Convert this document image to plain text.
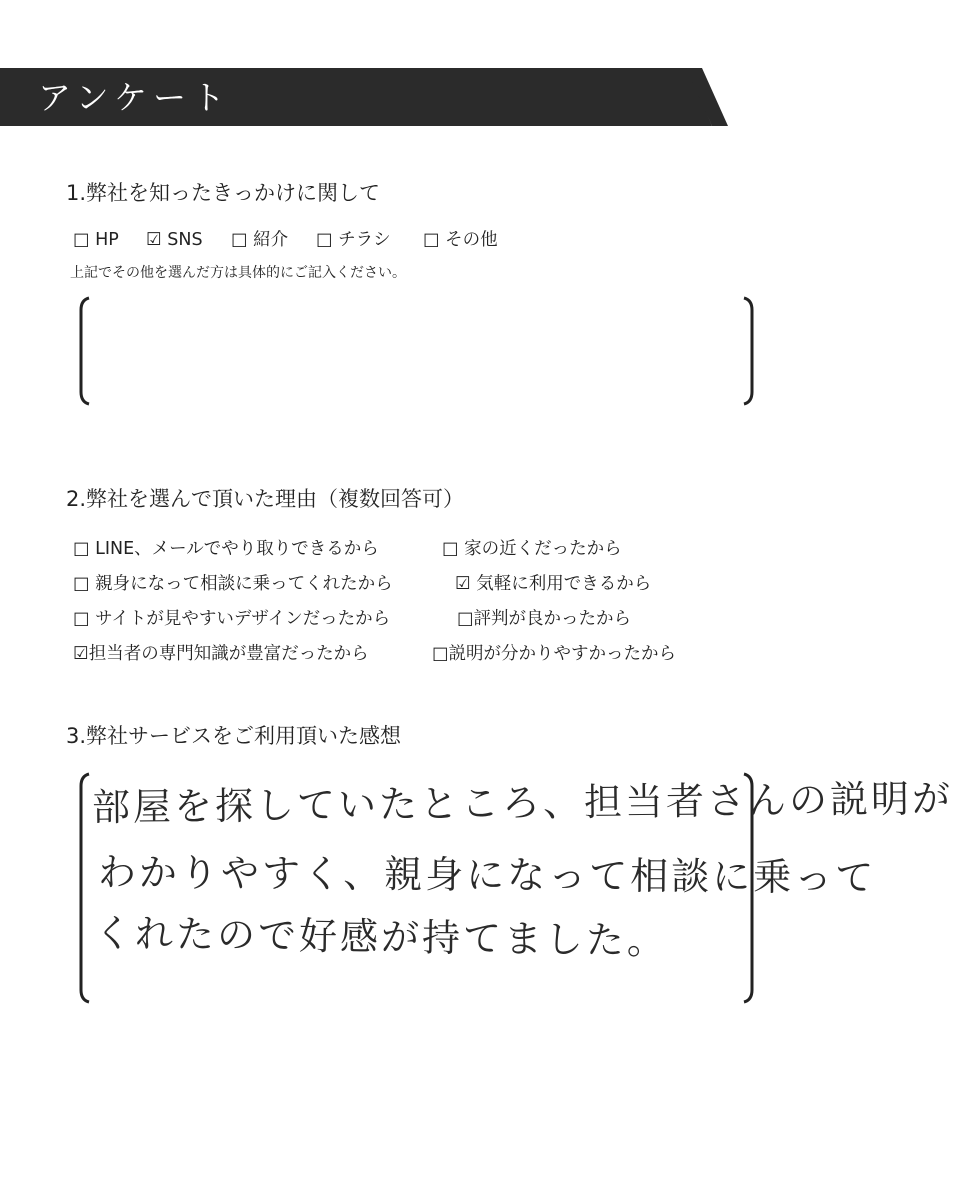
アンケート
1.弊社を知ったきっかけに関して
□ HP ☑ SNS □ 紹介 □ チラシ □ その他
上記でその他を選んだ方は具体的にご記入ください。
2.弊社を選んで頂いた理由（複数回答可）
□ LINE、メールでやり取りできるから	□ 家の近くだったから
□ 親身になって相談に乗ってくれたから	☑ 気軽に利用できるから
□ サイトが見やすいデザインだったから	□評判が良かったから
☑担当者の専門知識が豊富だったから	□説明が分かりやすかったから
3.弊社サービスをご利用頂いた感想
部屋を探していたところ、担当者さんの説明が
わかりやすく、親身になって相談に乗って
くれたので好感が持てました。
